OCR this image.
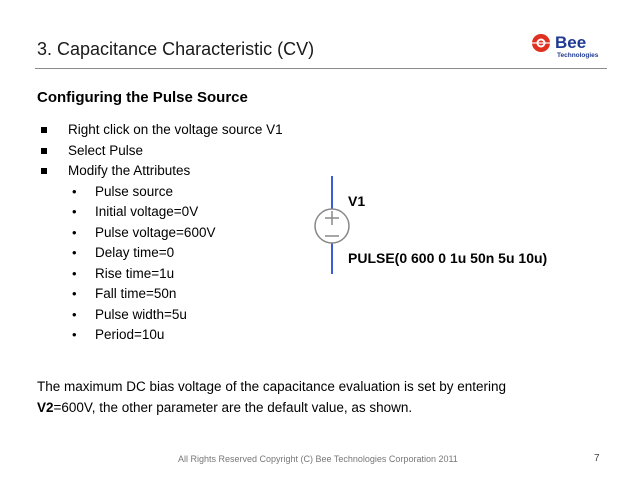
3. Capacitance Characteristic (CV)	Bee
Technologies
Configuring the Pulse Source
Right click on the voltage source V1
Select Pulse
Modify the Attributes
• Pulse source
• Initial voltage=0V
• Pulse voltage=600V
• Delay time=0
• Rise time=1u
• Fall time=50n
• Pulse width=5u
• Period=10u
V1
PULSE(0 600 0 1u 50n 5u 10u)
The maximum DC bias voltage of the capacitance evaluation is set by entering
V2=600V, the other parameter are the default value, as shown.
All Rights Reserved Copyright (C) Bee Technologies Corporation 2011	7
